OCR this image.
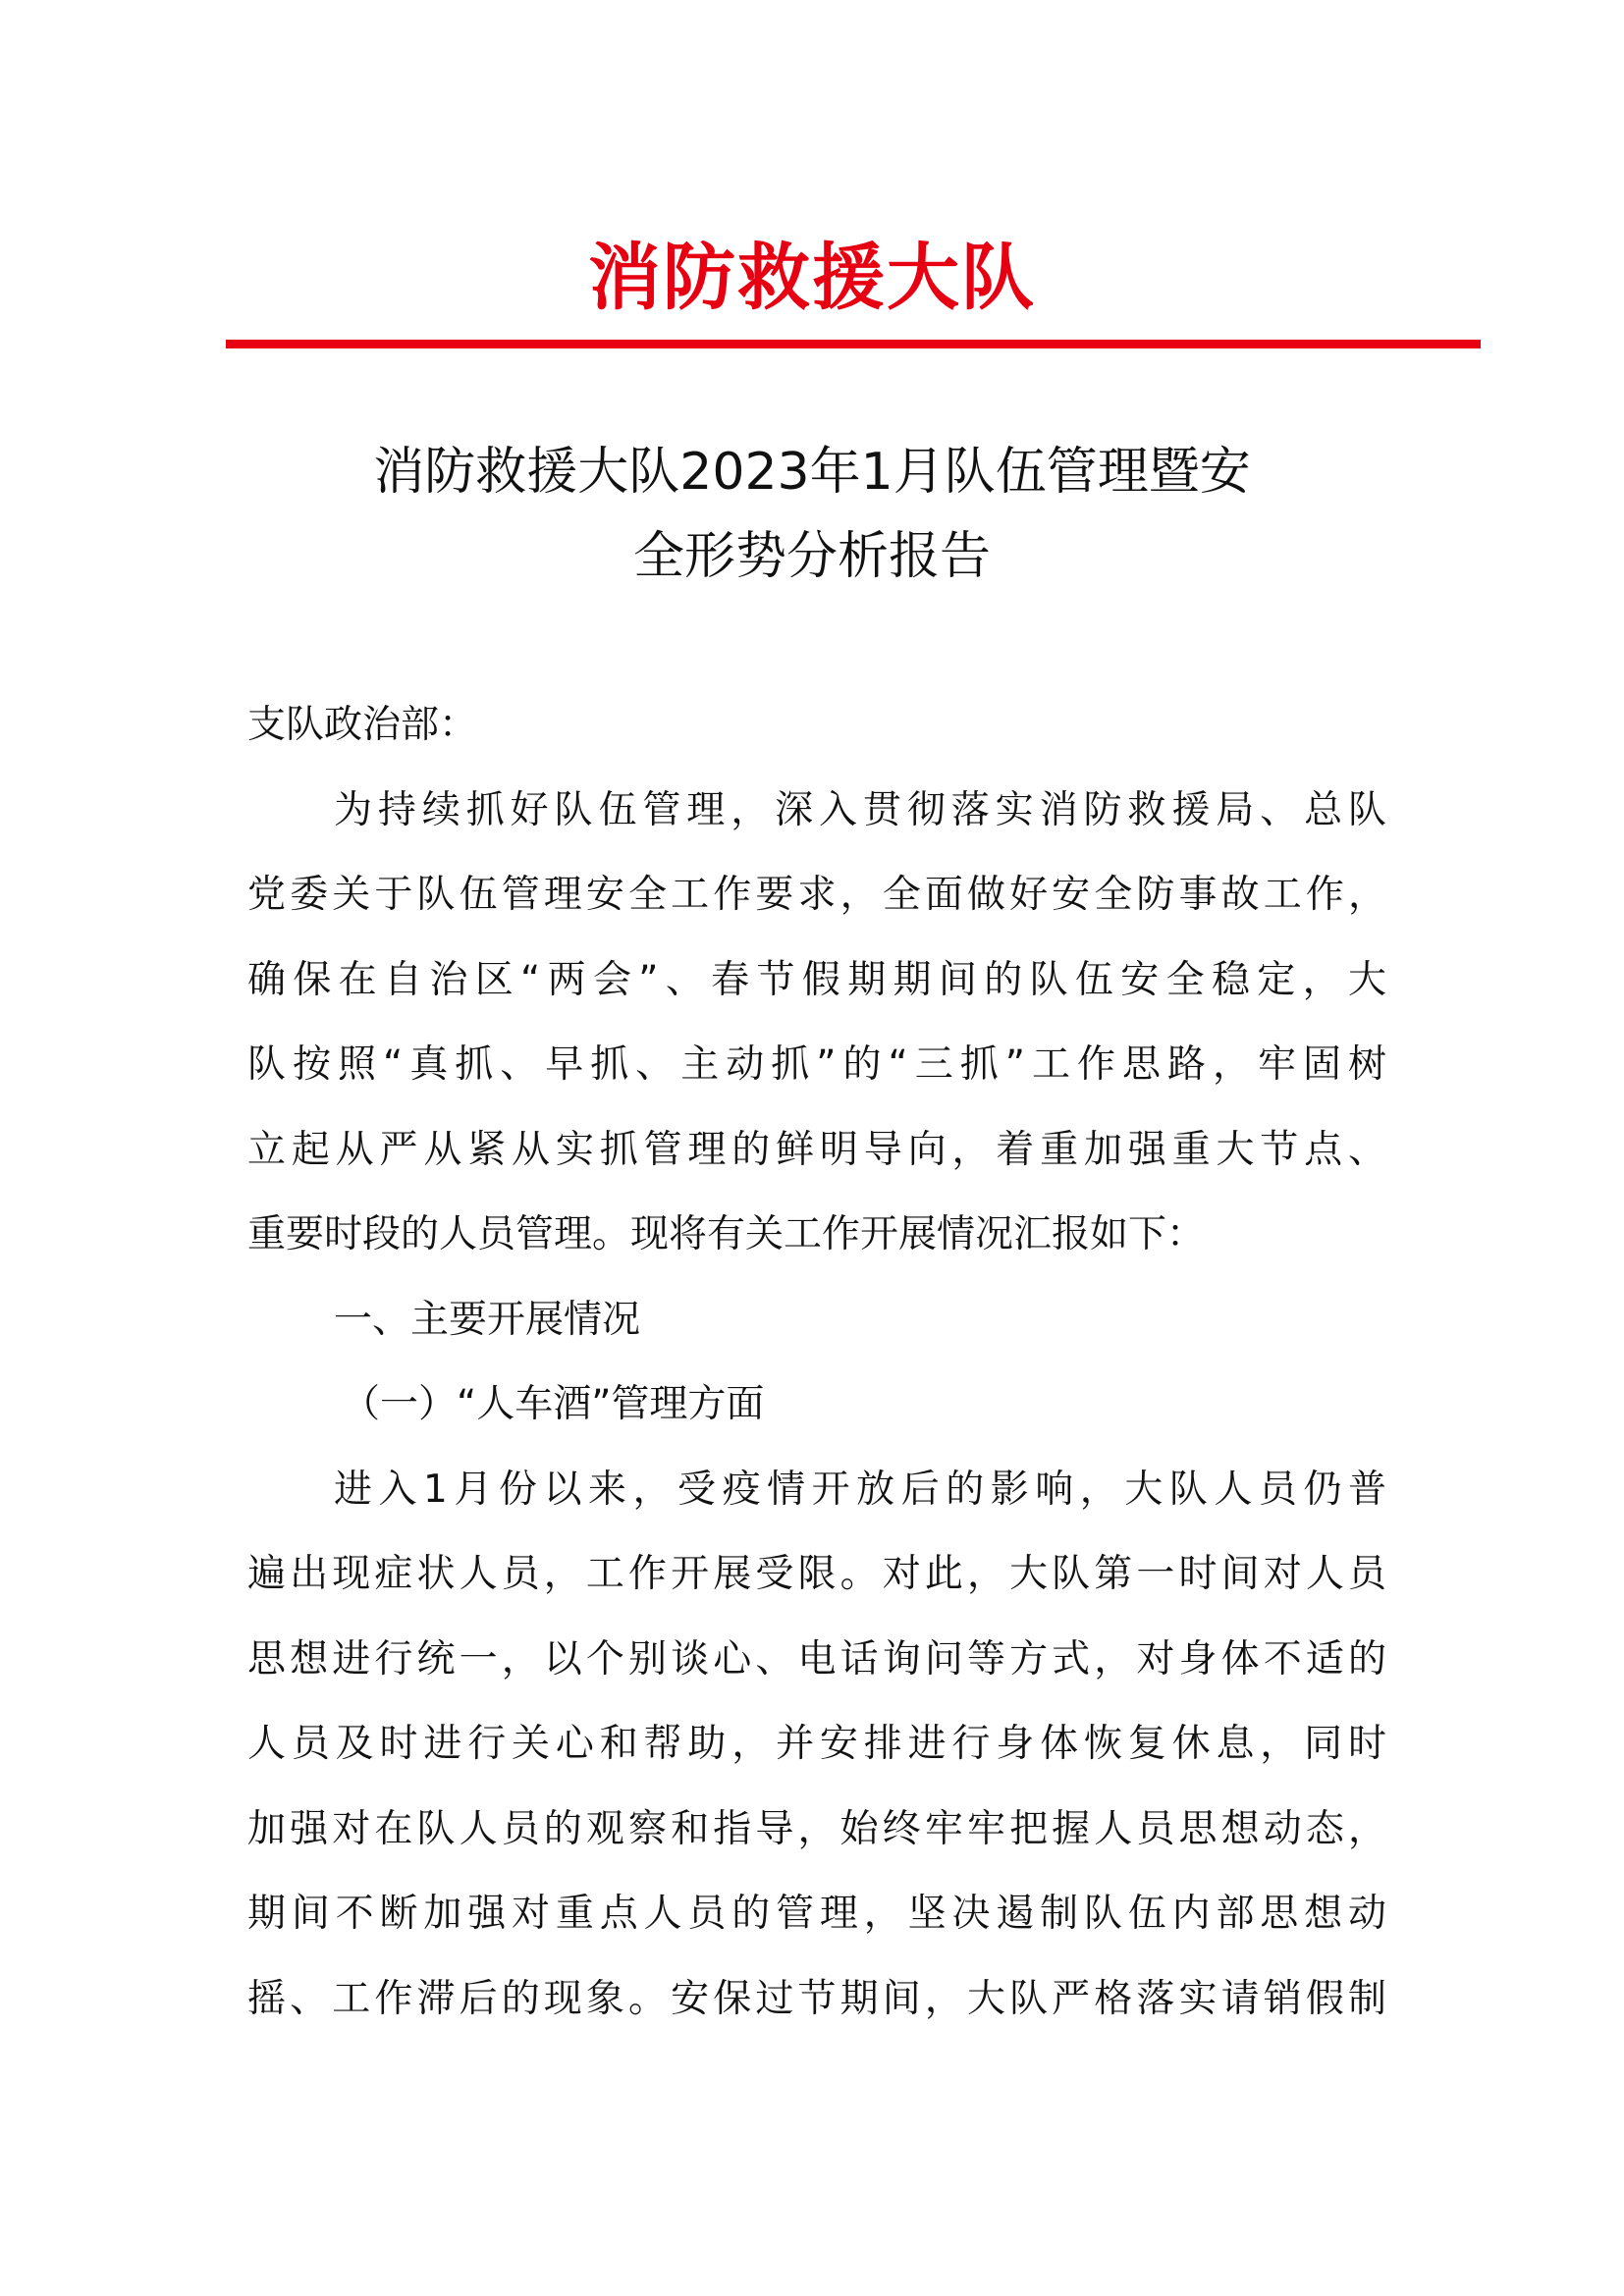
消防救援大队
消防救援大队2023年1月队伍管理暨安
全形势分析报告
支队政治部：
为持续抓好队伍管理，深入贯彻落实消防救援局、总队
党委关于队伍管理安全工作要求，全面做好安全防事故工作，
确保在自治区“两会”、春节假期期间的队伍安全稳定，大
队按照“真抓、早抓、主动抓”的“三抓”工作思路，牢固树
立起从严从紧从实抓管理的鲜明导向，着重加强重大节点、
重要时段的人员管理。现将有关工作开展情况汇报如下：
一、主要开展情况
（一）“人车酒”管理方面
进入1月份以来，受疫情开放后的影响，大队人员仍普
遍出现症状人员，工作开展受限。对此，大队第一时间对人员
思想进行统一，以个别谈心、电话询问等方式，对身体不适的
人员及时进行关心和帮助，并安排进行身体恢复休息，同时
加强对在队人员的观察和指导，始终牢牢把握人员思想动态，
期间不断加强对重点人员的管理，坚决遏制队伍内部思想动
摇、工作滞后的现象。安保过节期间，大队严格落实请销假制
